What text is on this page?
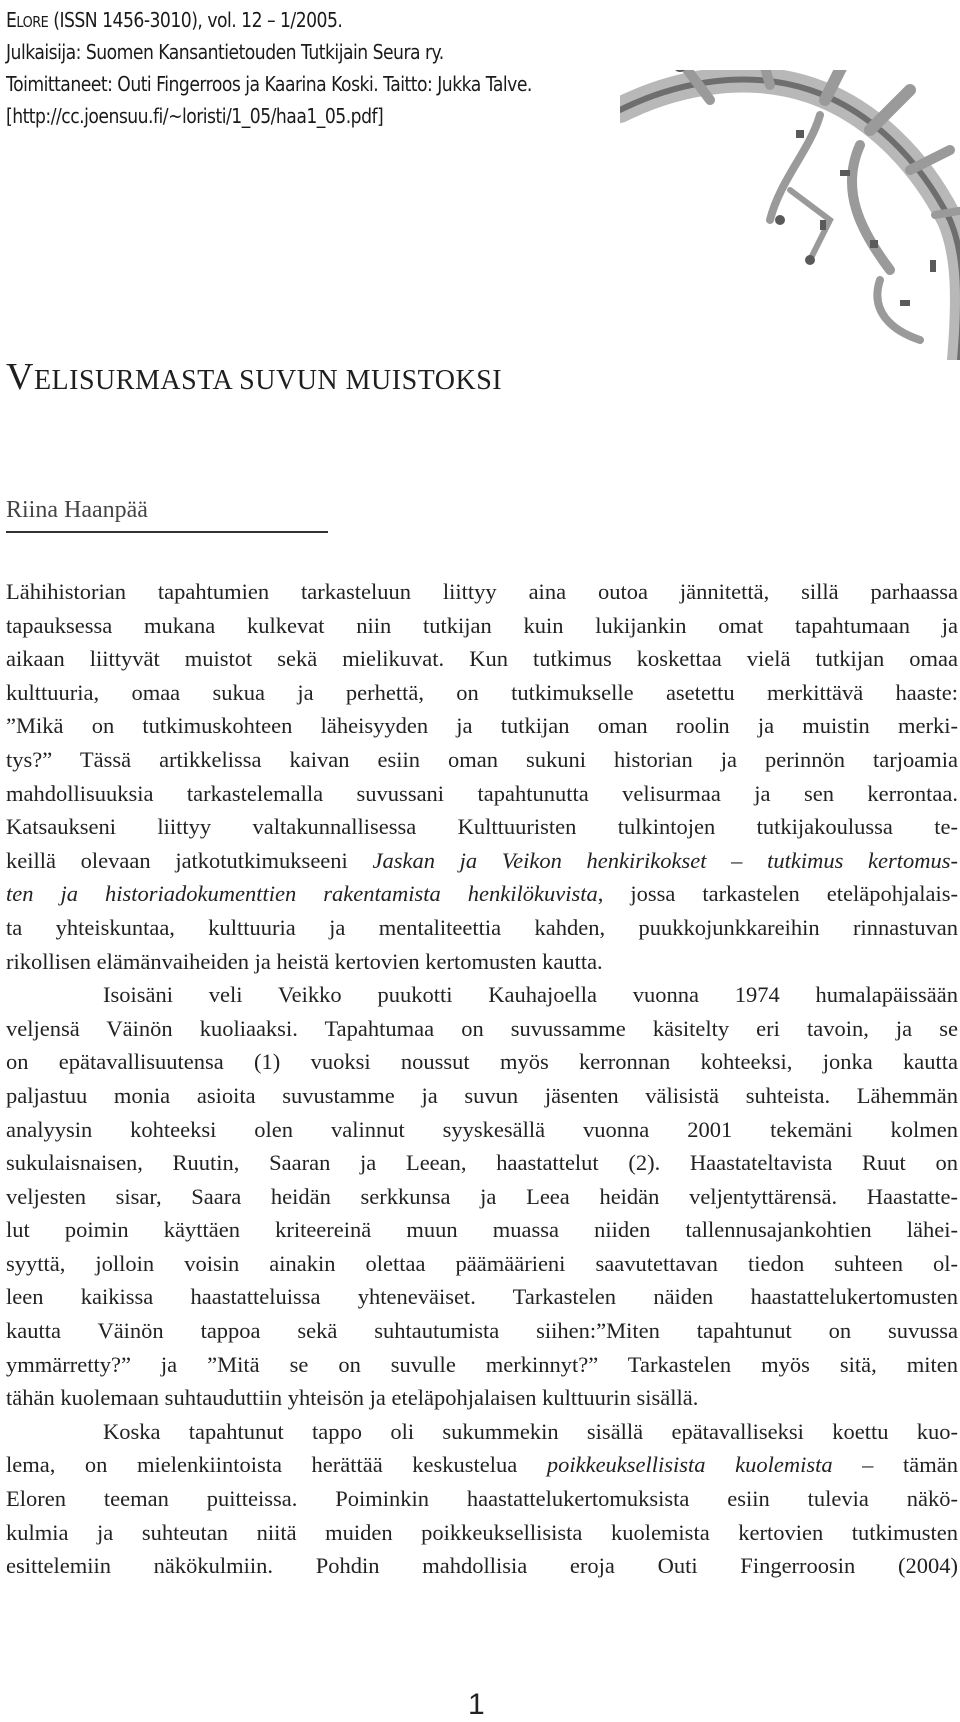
ELORE (ISSN 1456-3010), vol. 12 – 1/2005.
Julkaisija: Suomen Kansantietouden Tutkijain Seura ry.
Toimittaneet: Outi Fingerroos ja Kaarina Koski. Taitto: Jukka Talve.
[http://cc.joensuu.fi/~loristi/1_05/haa1_05.pdf]
VELISURMASTA SUVUN MUISTOKSI
Riina Haanpää
Lähihistorian tapahtumien tarkasteluun liittyy aina outoa jännitettä, sillä parhaassa
tapauksessa mukana kulkevat niin tutkijan kuin lukijankin omat tapahtumaan ja
aikaan liittyvät muistot sekä mielikuvat. Kun tutkimus koskettaa vielä tutkijan omaa
kulttuuria, omaa sukua ja perhettä, on tutkimukselle asetettu merkittävä haaste:
”Mikä on tutkimuskohteen läheisyyden ja tutkijan oman roolin ja muistin merki-
tys?” Tässä artikkelissa kaivan esiin oman sukuni historian ja perinnön tarjoamia
mahdollisuuksia tarkastelemalla suvussani tapahtunutta velisurmaa ja sen kerrontaa.
Katsaukseni liittyy valtakunnallisessa Kulttuuristen tulkintojen tutkijakoulussa te-
keillä olevaan jatkotutkimukseeni Jaskan ja Veikon henkirikokset – tutkimus kertomus-
ten ja historiadokumenttien rakentamista henkilökuvista, jossa tarkastelen eteläpohjalais-
ta yhteiskuntaa, kulttuuria ja mentaliteettia kahden, puukkojunkkareihin rinnastuvan
rikollisen elämänvaiheiden ja heistä kertovien kertomusten kautta.
Isoisäni veli Veikko puukotti Kauhajoella vuonna 1974 humalapäissään
veljensä Väinön kuoliaaksi. Tapahtumaa on suvussamme käsitelty eri tavoin, ja se
on epätavallisuutensa (1) vuoksi noussut myös kerronnan kohteeksi, jonka kautta
paljastuu monia asioita suvustamme ja suvun jäsenten välisistä suhteista. Lähemmän
analyysin kohteeksi olen valinnut syyskesällä vuonna 2001 tekemäni kolmen
sukulaisnaisen, Ruutin, Saaran ja Leean, haastattelut (2). Haastateltavista Ruut on
veljesten sisar, Saara heidän serkkunsa ja Leea heidän veljentyttärensä. Haastatte-
lut poimin käyttäen kriteereinä muun muassa niiden tallennusajankohtien lähei-
syyttä, jolloin voisin ainakin olettaa päämäärieni saavutettavan tiedon suhteen ol-
leen kaikissa haastatteluissa yhteneväiset. Tarkastelen näiden haastattelukertomusten
kautta Väinön tappoa sekä suhtautumista siihen:”Miten tapahtunut on suvussa
ymmärretty?” ja ”Mitä se on suvulle merkinnyt?” Tarkastelen myös sitä, miten
tähän kuolemaan suhtauduttiin yhteisön ja eteläpohjalaisen kulttuurin sisällä.
Koska tapahtunut tappo oli sukummekin sisällä epätavalliseksi koettu kuo-
lema, on mielenkiintoista herättää keskustelua poikkeuksellisista kuolemista – tämän
Eloren teeman puitteissa. Poiminkin haastattelukertomuksista esiin tulevia näkö-
kulmia ja suhteutan niitä muiden poikkeuksellisista kuolemista kertovien tutkimusten
esittelemiin näkökulmiin. Pohdin mahdollisia eroja Outi Fingerroosin (2004)
1
